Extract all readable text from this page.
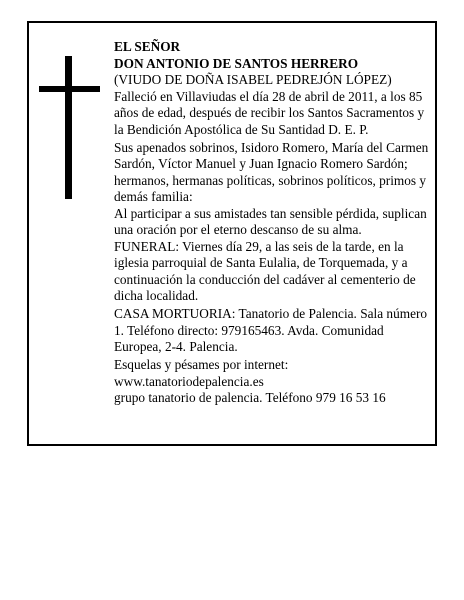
EL SEÑOR

DON ANTONIO DE SANTOS HERRERO

(VIUDO DE DOÑA ISABEL PEDREJÓN LÓPEZ)

Falleció en Villaviudas el día 28 de abril de 2011, a los 85 años de edad, después de recibir los Santos Sacramentos y la Bendición Apostólica de Su Santidad D. E. P.

Sus apenados sobrinos, Isidoro Romero, María del Carmen Sardón, Víctor Manuel y Juan Ignacio Romero Sardón; hermanos, hermanas políticas, sobrinos políticos, primos y demás familia:

Al participar a sus amistades tan sensible pérdida, suplican una oración por el eterno descanso de su alma.

FUNERAL: Viernes día 29, a las seis de la tarde, en la iglesia parroquial de Santa Eulalia, de Torquemada, y a continuación la conducción del cadáver al cementerio de dicha localidad.

CASA MORTUORIA: Tanatorio de Palencia. Sala número 1. Teléfono directo: 979165463. Avda. Comunidad Europea, 2-4. Palencia.

Esquelas y pésames por internet:

www.tanatoriodepalencia.es

grupo tanatorio de palencia. Teléfono 979 16 53 16
